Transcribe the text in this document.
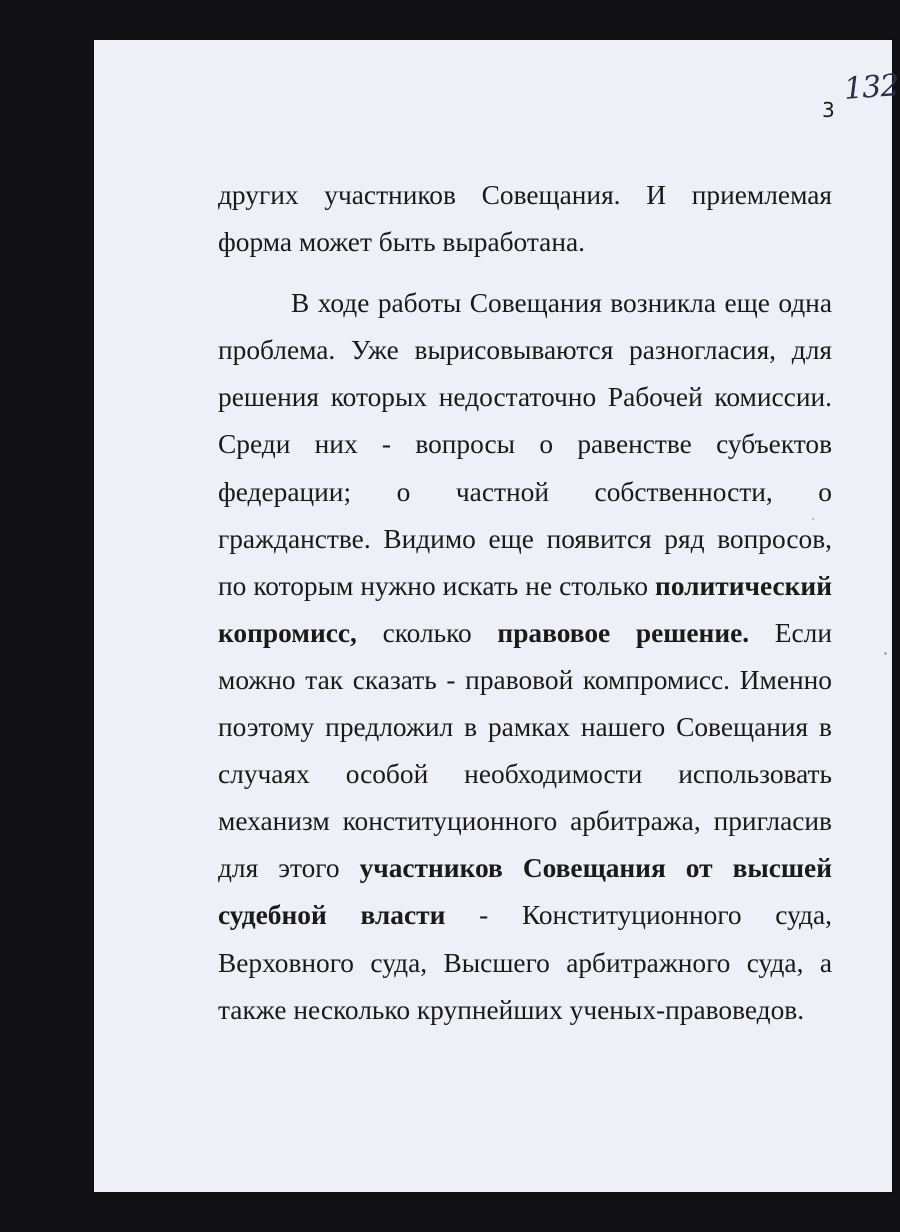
3
132

других участников Совещания. И приемлемая форма может быть выработана.

В ходе работы Совещания возникла еще одна проблема. Уже вырисовываются разногласия, для решения которых недостаточно Рабочей комиссии. Среди них - вопросы о равенстве субъектов федерации; о частной собственности, о гражданстве. Видимо еще появится ряд вопросов, по которым нужно искать не столько политический копромисс, сколько правовое решение. Если можно так сказать - правовой компромисс. Именно поэтому предложил в рамках нашего Совещания в случаях особой необходимости использовать механизм конституционного арбитража, пригласив для этого участников Совещания от высшей судебной власти - Конституционного суда, Верховного суда, Высшего арбитражного суда, а также несколько крупнейших ученых-правоведов.
